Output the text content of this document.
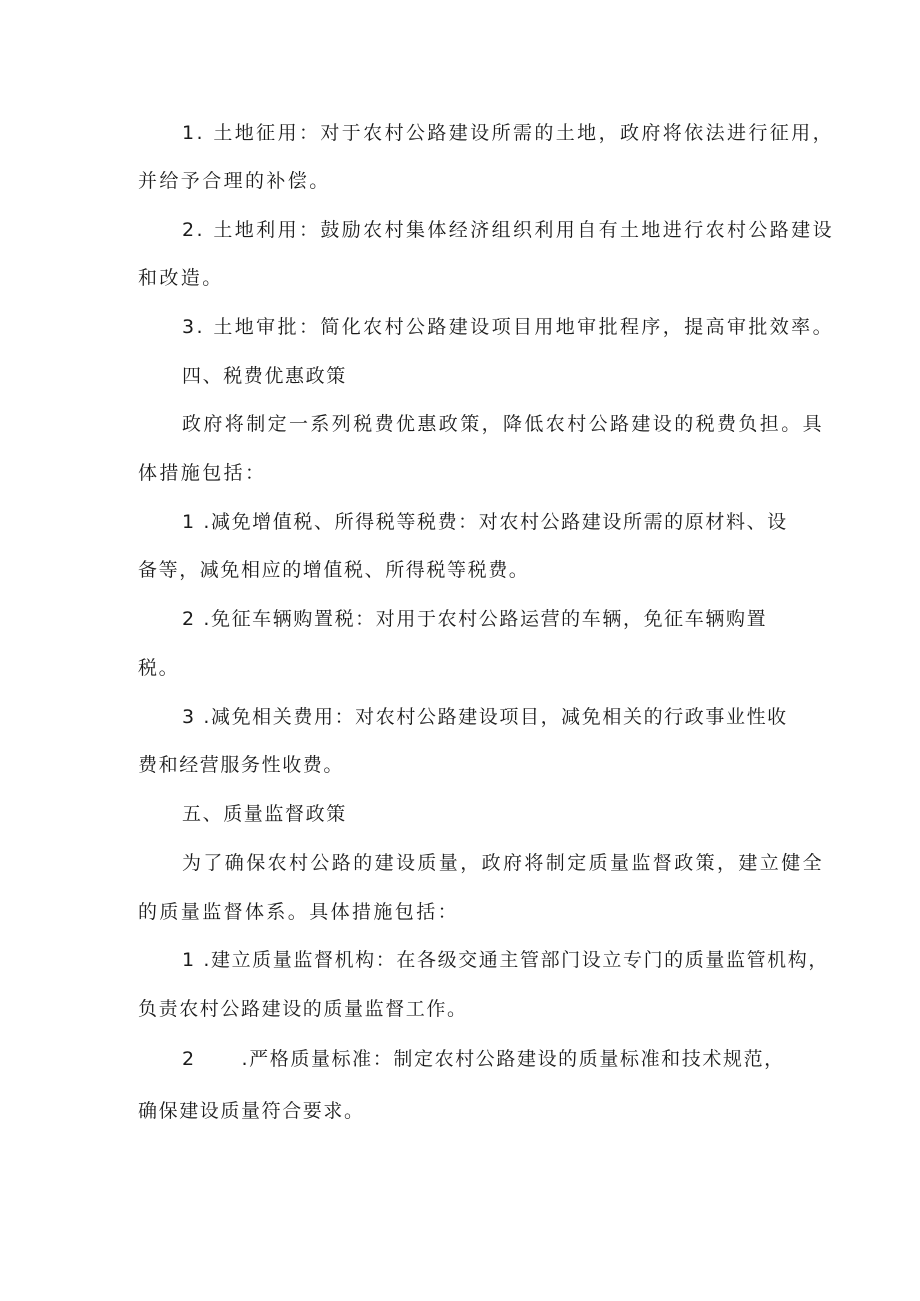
1. 土地征用：对于农村公路建设所需的土地，政府将依法进行征用，
并给予合理的补偿。
2. 土地利用：鼓励农村集体经济组织利用自有土地进行农村公路建设
和改造。
3. 土地审批：简化农村公路建设项目用地审批程序，提高审批效率。
四、税费优惠政策
政府将制定一系列税费优惠政策，降低农村公路建设的税费负担。具
体措施包括：
1 .减免增值税、所得税等税费：对农村公路建设所需的原材料、设
备等，减免相应的增值税、所得税等税费。
2 .免征车辆购置税：对用于农村公路运营的车辆，免征车辆购置
税。
3 .减免相关费用：对农村公路建设项目，减免相关的行政事业性收
费和经营服务性收费。
五、质量监督政策
为了确保农村公路的建设质量，政府将制定质量监督政策，建立健全
的质量监督体系。具体措施包括：
1 .建立质量监督机构：在各级交通主管部门设立专门的质量监管机构，
负责农村公路建设的质量监督工作。
2      .严格质量标准：制定农村公路建设的质量标准和技术规范，
确保建设质量符合要求。
